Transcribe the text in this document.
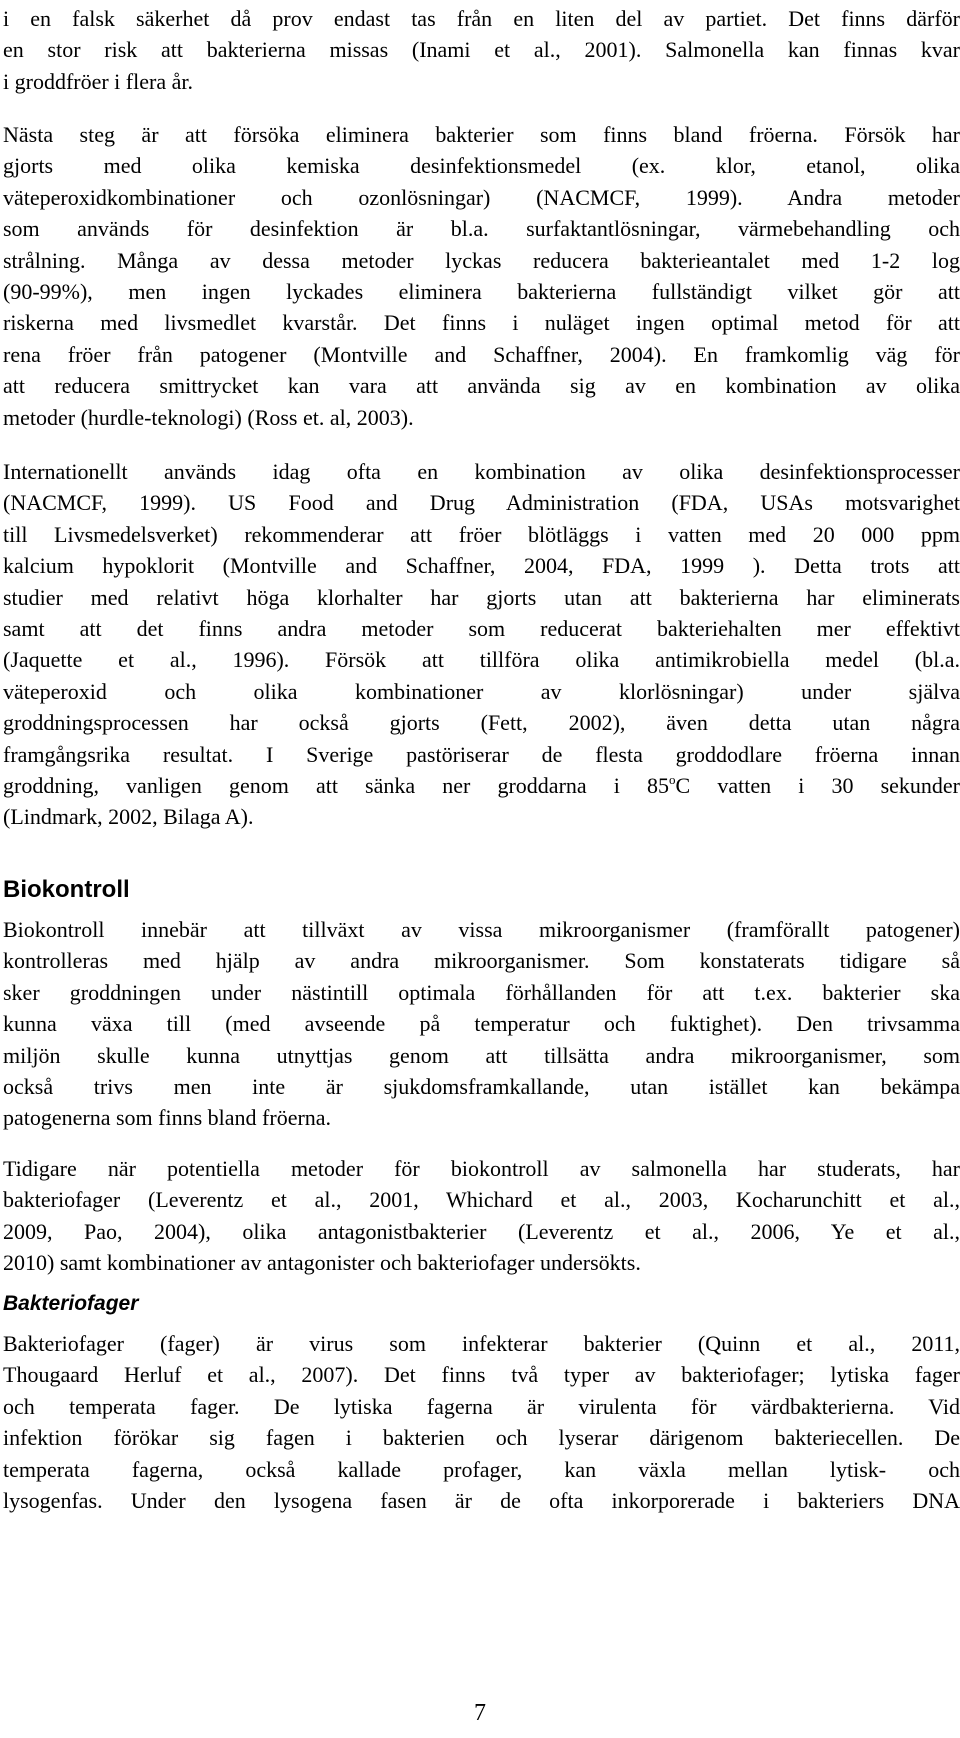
i en falsk säkerhet då prov endast tas från en liten del av partiet. Det finns därför
en stor risk att bakterierna missas (Inami et al., 2001). Salmonella kan finnas kvar
i groddfröer i flera år.
Nästa steg är att försöka eliminera bakterier som finns bland fröerna. Försök har
gjorts med olika kemiska desinfektionsmedel (ex. klor, etanol, olika
väteperoxidkombinationer och ozonlösningar) (NACMCF, 1999). Andra metoder
som används för desinfektion är bl.a. surfaktantlösningar, värmebehandling och
strålning. Många av dessa metoder lyckas reducera bakterieantalet med 1-2 log
(90-99%), men ingen lyckades eliminera bakterierna fullständigt vilket gör att
riskerna med livsmedlet kvarstår. Det finns i nuläget ingen optimal metod för att
rena fröer från patogener (Montville and Schaffner, 2004). En framkomlig väg för
att reducera smittrycket kan vara att använda sig av en kombination av olika
metoder (hurdle-teknologi) (Ross et. al, 2003).
Internationellt används idag ofta en kombination av olika desinfektionsprocesser
(NACMCF, 1999). US Food and Drug Administration (FDA, USAs motsvarighet
till Livsmedelsverket) rekommenderar att fröer blötläggs i vatten med 20 000 ppm
kalcium hypoklorit (Montville and Schaffner, 2004, FDA, 1999 ). Detta trots att
studier med relativt höga klorhalter har gjorts utan att bakterierna har eliminerats
samt att det finns andra metoder som reducerat bakteriehalten mer effektivt
(Jaquette et al., 1996). Försök att tillföra olika antimikrobiella medel (bl.a.
väteperoxid och olika kombinationer av klorlösningar) under själva
groddningsprocessen har också gjorts (Fett, 2002), även detta utan några
framgångsrika resultat. I Sverige pastöriserar de flesta groddodlare fröerna innan
groddning, vanligen genom att sänka ner groddarna i 85$^o$C vatten i 30 sekunder
(Lindmark, 2002, Bilaga A).
Biokontroll
Biokontroll innebär att tillväxt av vissa mikroorganismer (framförallt patogener)
kontrolleras med hjälp av andra mikroorganismer. Som konstaterats tidigare så
sker groddningen under nästintill optimala förhållanden för att t.ex. bakterier ska
kunna växa till (med avseende på temperatur och fuktighet). Den trivsamma
miljön skulle kunna utnyttjas genom att tillsätta andra mikroorganismer, som
också trivs men inte är sjukdomsframkallande, utan istället kan bekämpa
patogenerna som finns bland fröerna.
Tidigare när potentiella metoder för biokontroll av salmonella har studerats, har
bakteriofager (Leverentz et al., 2001, Whichard et al., 2003, Kocharunchitt et al.,
2009, Pao, 2004), olika antagonistbakterier (Leverentz et al., 2006, Ye et al.,
2010) samt kombinationer av antagonister och bakteriofager undersökts.
Bakteriofager
Bakteriofager (fager) är virus som infekterar bakterier (Quinn et al., 2011,
Thougaard Herluf et al., 2007). Det finns två typer av bakteriofager; lytiska fager
och temperata fager. De lytiska fagerna är virulenta för värdbakterierna. Vid
infektion förökar sig fagen i bakterien och lyserar därigenom bakteriecellen. De
temperata fagerna, också kallade profager, kan växla mellan lytisk- och
lysogenfas. Under den lysogena fasen är de ofta inkorporerade i bakteriers DNA
7
